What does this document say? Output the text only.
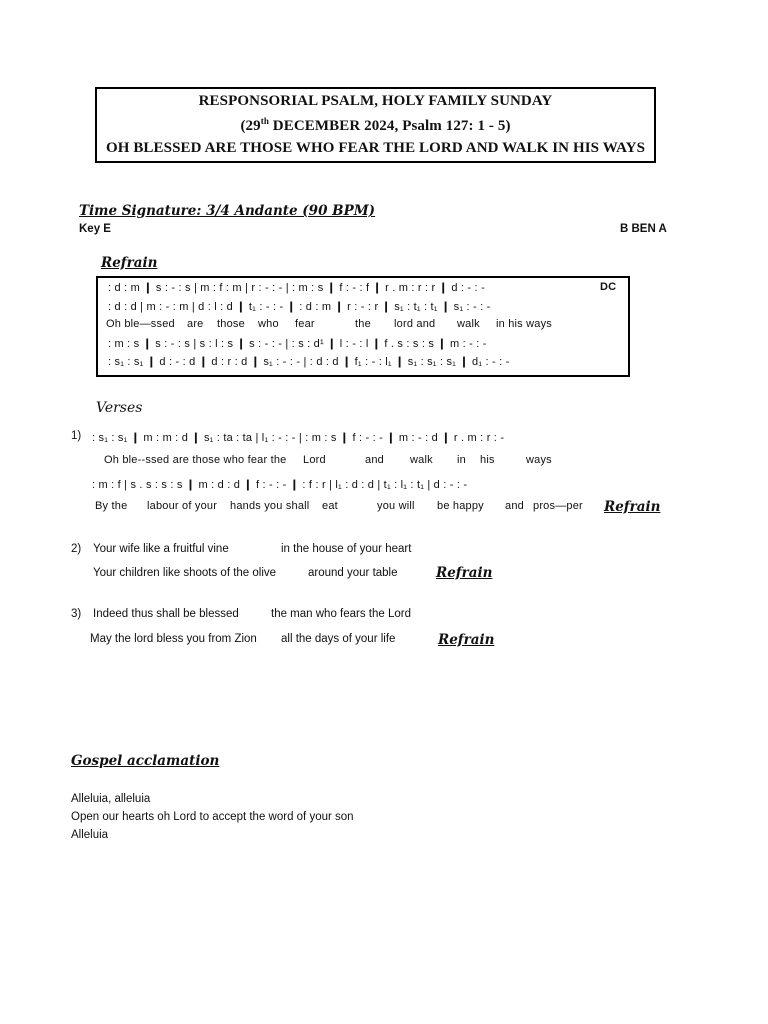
RESPONSORIAL PSALM, HOLY FAMILY SUNDAY
(29th DECEMBER 2024, Psalm 127: 1 - 5)
OH BLESSED ARE THOSE WHO FEAR THE LORD AND WALK IN HIS WAYS
Time Signature: 3/4 Andante (90 BPM)
Key E	B BEN A
Refrain
: d : m ❙ s : - : s | m : f : m | r : - : - | : m : s ❙ f : - : f ❙ r . m : r : r ❙ d : - : -	DC
: d : d | m : - : m | d : l : d ❙ t₁ : - : - ❙ : d : m ❙ r : - : r ❙ s₁ : t₁ : t₁ ❙ s₁ : - : -
Oh ble—ssed are those who fear	the lord and walk in his ways
: m : s ❙ s : - : s | s : l : s ❙ s : - : - | : s : d¹ ❙ l : - : l ❙ f . s : s : s ❙ m : - : -
: s₁ : s₁ ❙ d : - : d ❙ d : r : d ❙ s₁ : - : - | : d : d ❙ f₁ : - : l₁ ❙ s₁ : s₁ : s₁ ❙ d₁ : - : -
Verses
1) : s₁ : s₁ ❙ m : m : d ❙ s₁ : ta : ta | l₁ : - : - | : m : s ❙ f : - : - ❙ m : - : d ❙ r . m : r : -
Oh ble--ssed are those who fear the Lord	and walk in his	ways
: m : f | s . s : s : s ❙ m : d : d ❙ f : - : - ❙ : f : r | l₁ : d : d | t₁ : l₁ : t₁ | d : - : -
By the labour of your hands you shall eat	you will be happy and pros—per Refrain
2) Your wife like a fruitful vine	in the house of your heart
Your children like shoots of the olive	around your table	Refrain
3) Indeed thus shall be blessed	the man who fears the Lord
May the lord bless you from Zion all the days of your life	Refrain
Gospel acclamation
Alleluia, alleluia
Open our hearts oh Lord to accept the word of your son
Alleluia
